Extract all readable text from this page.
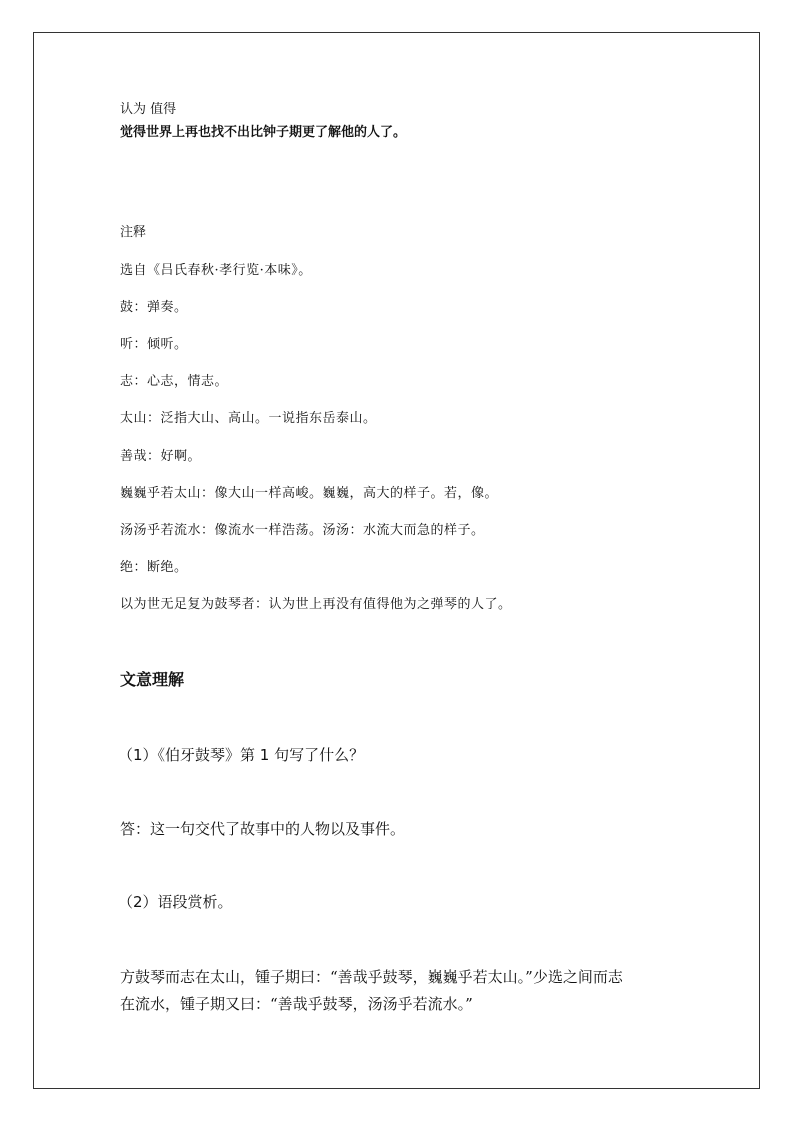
认为 值得
觉得世界上再也找不出比钟子期更了解他的人了。
注释
选自《吕氏春秋·孝行览·本味》。
鼓：弹奏。
听：倾听。
志：心志，情志。
太山：泛指大山、高山。一说指东岳泰山。
善哉：好啊。
巍巍乎若太山：像大山一样高峻。巍巍，高大的样子。若，像。
汤汤乎若流水：像流水一样浩荡。汤汤：水流大而急的样子。
绝：断绝。
以为世无足复为鼓琴者：认为世上再没有值得他为之弹琴的人了。
文意理解
（1）《伯牙鼓琴》第 1 句写了什么？
答：这一句交代了故事中的人物以及事件。
（2）语段赏析。
方鼓琴而志在太山，锺子期曰：“善哉乎鼓琴，巍巍乎若太山。”少选之间而志
在流水，锺子期又曰：“善哉乎鼓琴，汤汤乎若流水。”
